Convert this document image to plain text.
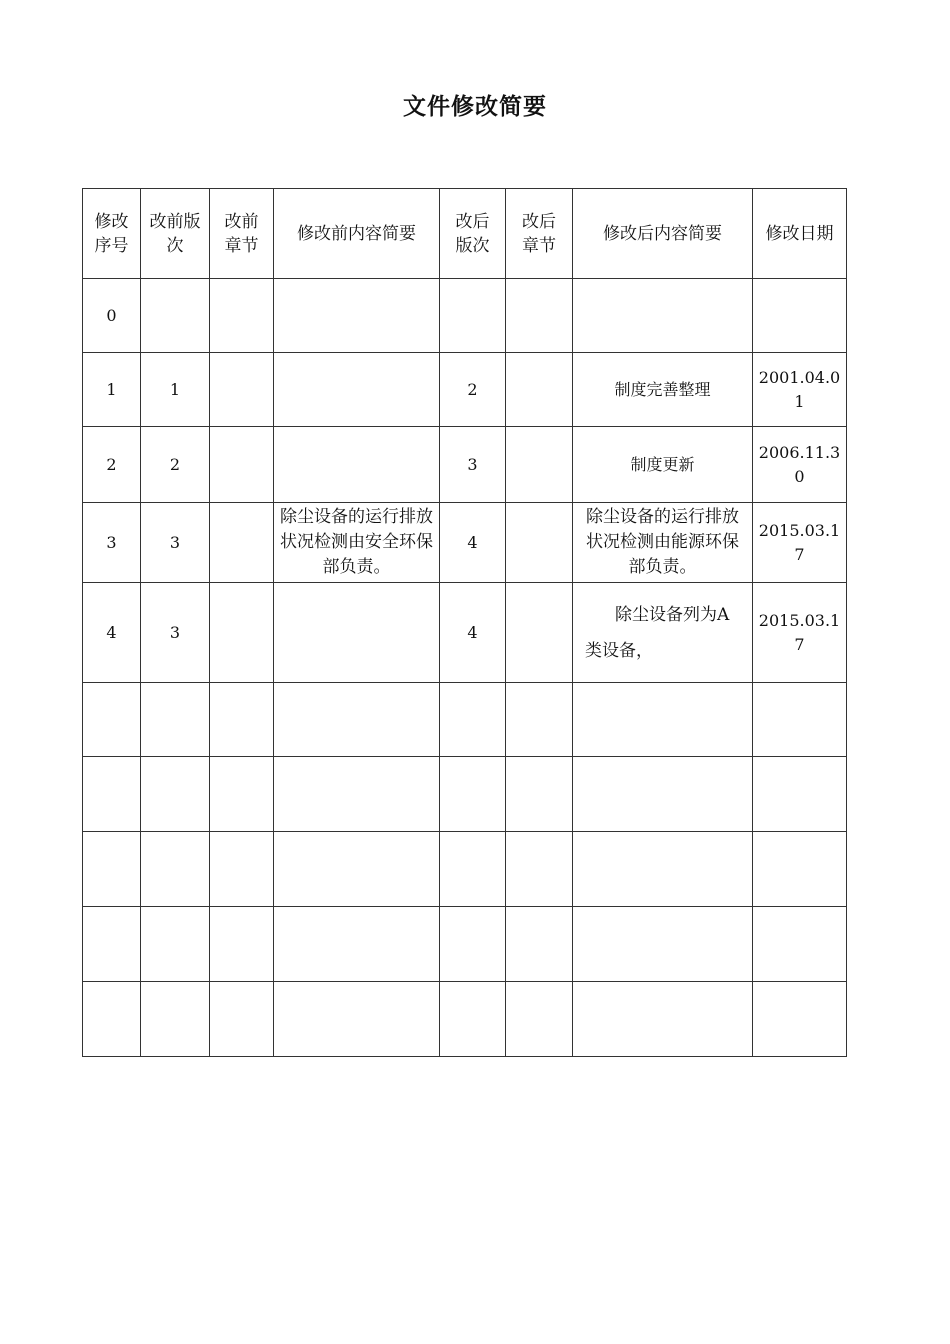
文件修改简要
修改序号	改前版次	改前章节	修改前内容简要	改后版次	改后章节	修改后内容简要	修改日期
0							
1	1			2		制度完善整理	2001.04.01
2	2			3		制度更新	2006.11.30
3	3		除尘设备的运行排放状况检测由安全环保部负责。	4		除尘设备的运行排放状况检测由能源环保部负责。	2015.03.17
4	3			4		除尘设备列为A类设备，	2015.03.17
